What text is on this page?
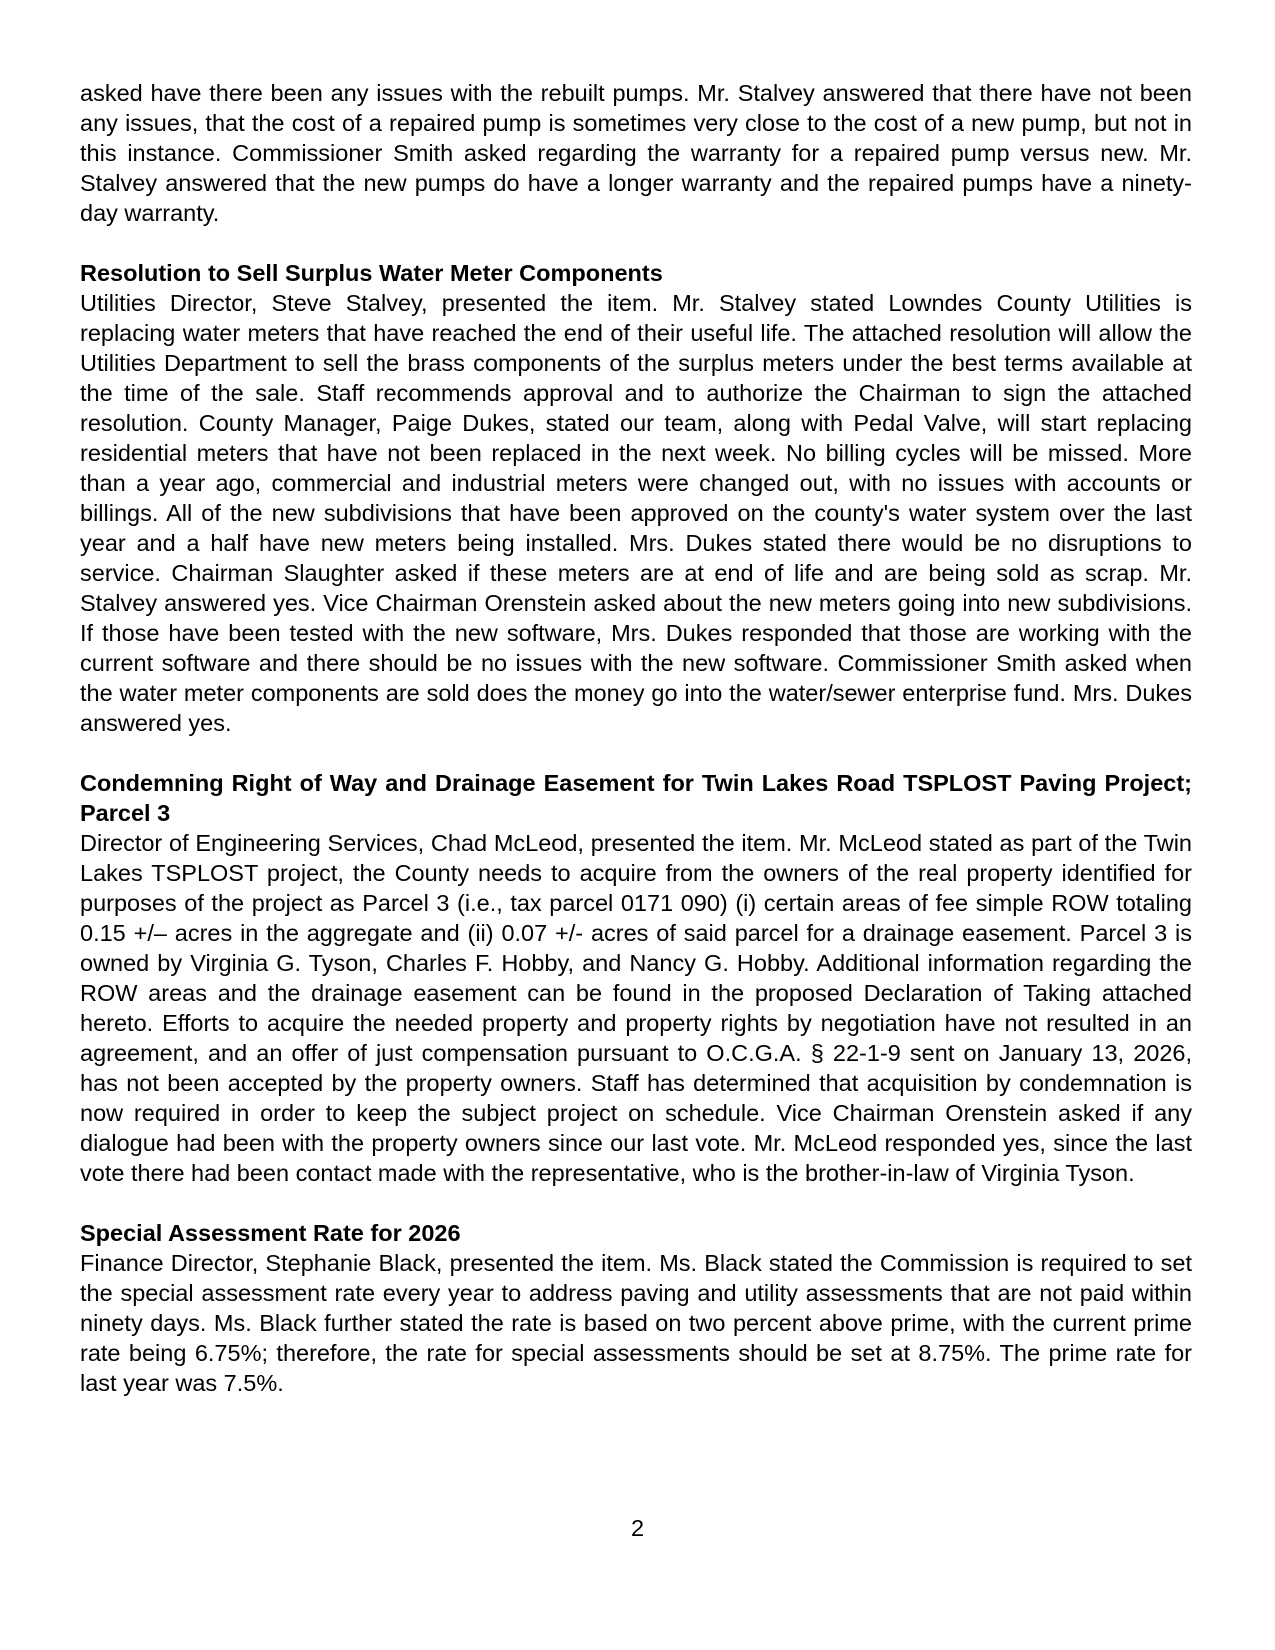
asked have there been any issues with the rebuilt pumps. Mr. Stalvey answered that there have not been any issues, that the cost of a repaired pump is sometimes very close to the cost of a new pump, but not in this instance. Commissioner Smith asked regarding the warranty for a repaired pump versus new. Mr. Stalvey answered that the new pumps do have a longer warranty and the repaired pumps have a ninety-day warranty.

Resolution to Sell Surplus Water Meter Components

Utilities Director, Steve Stalvey, presented the item. Mr. Stalvey stated Lowndes County Utilities is replacing water meters that have reached the end of their useful life. The attached resolution will allow the Utilities Department to sell the brass components of the surplus meters under the best terms available at the time of the sale. Staff recommends approval and to authorize the Chairman to sign the attached resolution. County Manager, Paige Dukes, stated our team, along with Pedal Valve, will start replacing residential meters that have not been replaced in the next week. No billing cycles will be missed. More than a year ago, commercial and industrial meters were changed out, with no issues with accounts or billings. All of the new subdivisions that have been approved on the county's water system over the last year and a half have new meters being installed. Mrs. Dukes stated there would be no disruptions to service. Chairman Slaughter asked if these meters are at end of life and are being sold as scrap. Mr. Stalvey answered yes. Vice Chairman Orenstein asked about the new meters going into new subdivisions. If those have been tested with the new software, Mrs. Dukes responded that those are working with the current software and there should be no issues with the new software. Commissioner Smith asked when the water meter components are sold does the money go into the water/sewer enterprise fund. Mrs. Dukes answered yes.

Condemning Right of Way and Drainage Easement for Twin Lakes Road TSPLOST Paving Project; Parcel 3

Director of Engineering Services, Chad McLeod, presented the item. Mr. McLeod stated as part of the Twin Lakes TSPLOST project, the County needs to acquire from the owners of the real property identified for purposes of the project as Parcel 3 (i.e., tax parcel 0171 090) (i) certain areas of fee simple ROW totaling 0.15 +/– acres in the aggregate and (ii) 0.07 +/- acres of said parcel for a drainage easement. Parcel 3 is owned by Virginia G. Tyson, Charles F. Hobby, and Nancy G. Hobby. Additional information regarding the ROW areas and the drainage easement can be found in the proposed Declaration of Taking attached hereto. Efforts to acquire the needed property and property rights by negotiation have not resulted in an agreement, and an offer of just compensation pursuant to O.C.G.A. § 22-1-9 sent on January 13, 2026, has not been accepted by the property owners. Staff has determined that acquisition by condemnation is now required in order to keep the subject project on schedule. Vice Chairman Orenstein asked if any dialogue had been with the property owners since our last vote. Mr. McLeod responded yes, since the last vote there had been contact made with the representative, who is the brother-in-law of Virginia Tyson.

Special Assessment Rate for 2026

Finance Director, Stephanie Black, presented the item. Ms. Black stated the Commission is required to set the special assessment rate every year to address paving and utility assessments that are not paid within ninety days. Ms. Black further stated the rate is based on two percent above prime, with the current prime rate being 6.75%; therefore, the rate for special assessments should be set at 8.75%. The prime rate for last year was 7.5%.

2
